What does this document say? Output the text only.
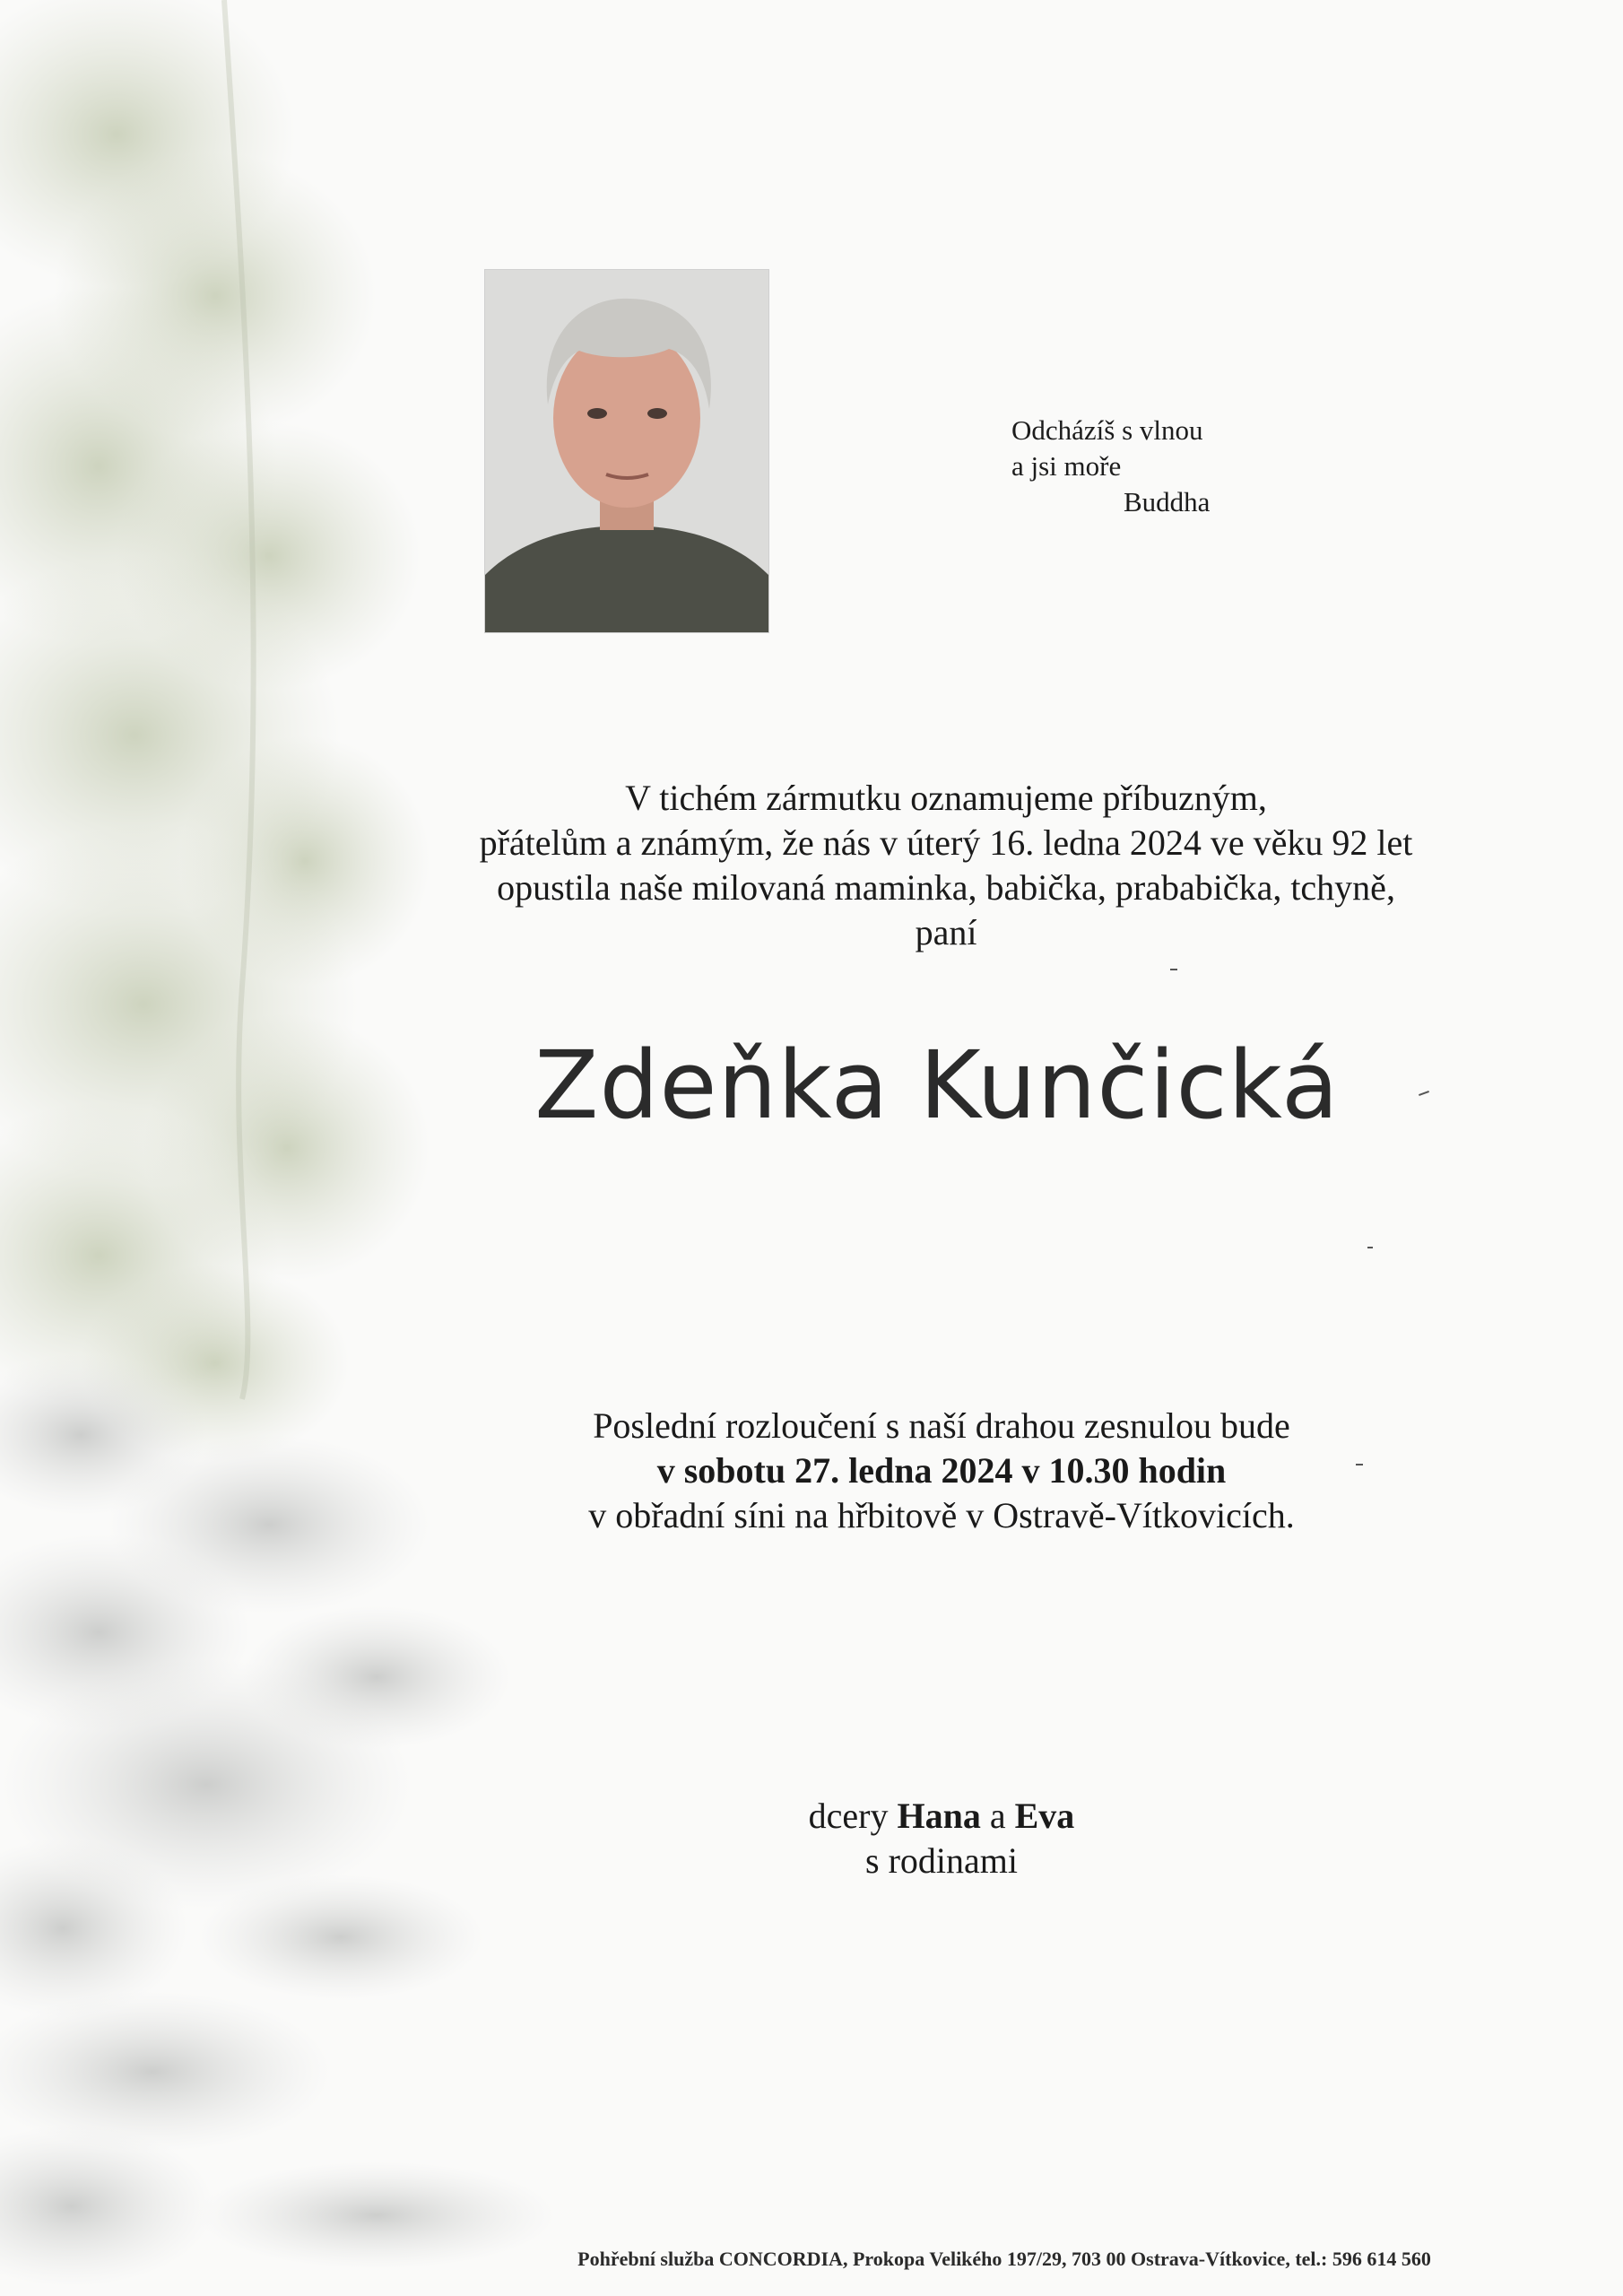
Odcházíš s vlnou
a jsi moře

Buddha
V tichém zármutku oznamujeme příbuzným,
přátelům a známým, že nás v úterý 16. ledna 2024 ve věku 92 let
opustila naše milovaná maminka, babička, prababička, tchyně,
paní
Zdeňka Kunčická
Poslední rozloučení s naší drahou zesnulou bude
v sobotu 27. ledna 2024 v 10.30 hodin
v obřadní síni na hřbitově v Ostravě-Vítkovicích.
dcery Hana a Eva
s rodinami
Pohřební služba CONCORDIA, Prokopa Velikého 197/29, 703 00 Ostrava-Vítkovice, tel.: 596 614 560
